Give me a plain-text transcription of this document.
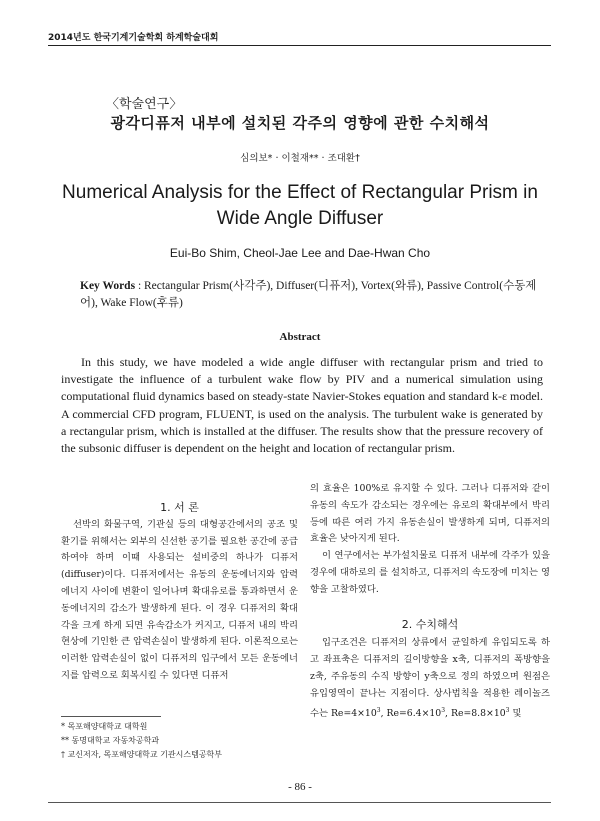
2014년도 한국기계기술학회 하계학술대회
〈학술연구〉
광각디퓨저 내부에 설치된 각주의 영향에 관한 수치해석
심의보* · 이철재** · 조대환†
Numerical Analysis for the Effect of Rectangular Prism in
Wide Angle Diffuser
Eui-Bo Shim, Cheol-Jae Lee and Dae-Hwan Cho
Key Words : Rectangular Prism(사각주), Diffuser(디퓨저), Vortex(와류), Passive Control(수동제어), Wake Flow(후류)
Abstract

In this study, we have modeled a wide angle diffuser with rectangular prism and tried to investigate the influence of a turbulent wake flow by PIV and a numerical simulation using computational fluid dynamics based on steady-state Navier-Stokes equation and standard k-ε model. A commercial CFD program, FLUENT, is used on the analysis. The turbulent wake is generated by a rectangular prism, which is installed at the diffuser. The results show that the pressure recovery of the subsonic diffuser is dependent on the height and location of rectangular prism.

1. 서 론

선박의 화물구역, 기관실 등의 대형공간에서의 공조 및 환기를 위해서는 외부의 신선한 공기를 필요한 공간에 공급하여야 하며 이때 사용되는 설비중의 하나가 디퓨저(diffuser)이다. 디퓨저에서는 유동의 운동에너지와 압력에너지 사이에 변환이 일어나며 확대유로를 통과하면서 운동에너지의 감소가 발생하게 된다. 이 경우 디퓨저의 확대각을 크게 하게 되면 유속감소가 커지고, 디퓨저 내의 박리현상에 기인한 큰 압력손실이 발생하게 된다. 이론적으로는 이러한 압력손실이 없이 디퓨저의 입구에서 모든 운동에너지를 압력으로 회복시킬 수 있다면 디퓨저

의 효율은 100%로 유지할 수 있다. 그러나 디퓨저와 같이 유동의 속도가 감소되는 경우에는 유로의 확대부에서 박리 등에 따른 여러 가지 유동손실이 발생하게 되며, 디퓨저의 효율은 낮아지게 된다.

이 연구에서는 부가설치물로 디퓨저 내부에 각주가 있을 경우에 대하로의 를 설치하고, 디퓨저의 속도장에 미치는 영향을 고찰하였다.

2. 수치해석

입구조건은 디퓨저의 상류에서 균일하게 유입되도록 하고 좌표축은 디퓨저의 길이방향을 x축, 디퓨저의 폭방향을 z축, 주유동의 수직 방향이 y축으로 정의 하였으며 원점은 유입영역이 끝나는 지점이다. 상사법칙을 적용한 레이놀즈수는 $Re=4\times 10^3$, $Re=6.4\times 10^3$, $Re=8.8\times 10^3$ 및

* 목포해양대학교 대학원
** 동명대학교 자동차공학과
† 교신저자, 목포해양대학교 기관시스템공학부
- 86 -
